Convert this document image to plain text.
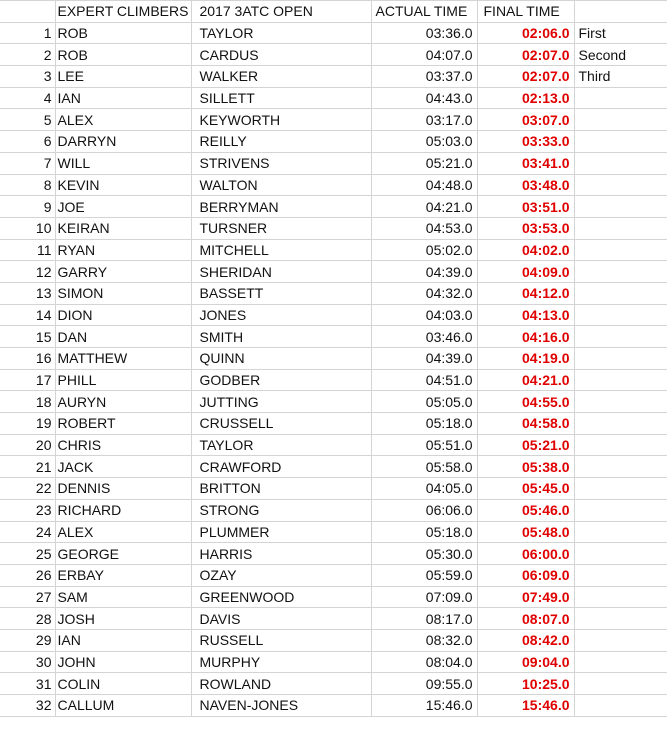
	EXPERT CLIMBERS	2017 3ATC OPEN	ACTUAL TIME	FINAL TIME	
1	ROB	TAYLOR	03:36.0	02:06.0	First
2	ROB	CARDUS	04:07.0	02:07.0	Second
3	LEE	WALKER	03:37.0	02:07.0	Third
4	IAN	SILLETT	04:43.0	02:13.0	
5	ALEX	KEYWORTH	03:17.0	03:07.0	
6	DARRYN	REILLY	05:03.0	03:33.0	
7	WILL	STRIVENS	05:21.0	03:41.0	
8	KEVIN	WALTON	04:48.0	03:48.0	
9	JOE	BERRYMAN	04:21.0	03:51.0	
10	KEIRAN	TURSNER	04:53.0	03:53.0	
11	RYAN	MITCHELL	05:02.0	04:02.0	
12	GARRY	SHERIDAN	04:39.0	04:09.0	
13	SIMON	BASSETT	04:32.0	04:12.0	
14	DION	JONES	04:03.0	04:13.0	
15	DAN	SMITH	03:46.0	04:16.0	
16	MATTHEW	QUINN	04:39.0	04:19.0	
17	PHILL	GODBER	04:51.0	04:21.0	
18	AURYN	JUTTING	05:05.0	04:55.0	
19	ROBERT	CRUSSELL	05:18.0	04:58.0	
20	CHRIS	TAYLOR	05:51.0	05:21.0	
21	JACK	CRAWFORD	05:58.0	05:38.0	
22	DENNIS	BRITTON	04:05.0	05:45.0	
23	RICHARD	STRONG	06:06.0	05:46.0	
24	ALEX	PLUMMER	05:18.0	05:48.0	
25	GEORGE	HARRIS	05:30.0	06:00.0	
26	ERBAY	OZAY	05:59.0	06:09.0	
27	SAM	GREENWOOD	07:09.0	07:49.0	
28	JOSH	DAVIS	08:17.0	08:07.0	
29	IAN	RUSSELL	08:32.0	08:42.0	
30	JOHN	MURPHY	08:04.0	09:04.0	
31	COLIN	ROWLAND	09:55.0	10:25.0	
32	CALLUM	NAVEN-JONES	15:46.0	15:46.0	
